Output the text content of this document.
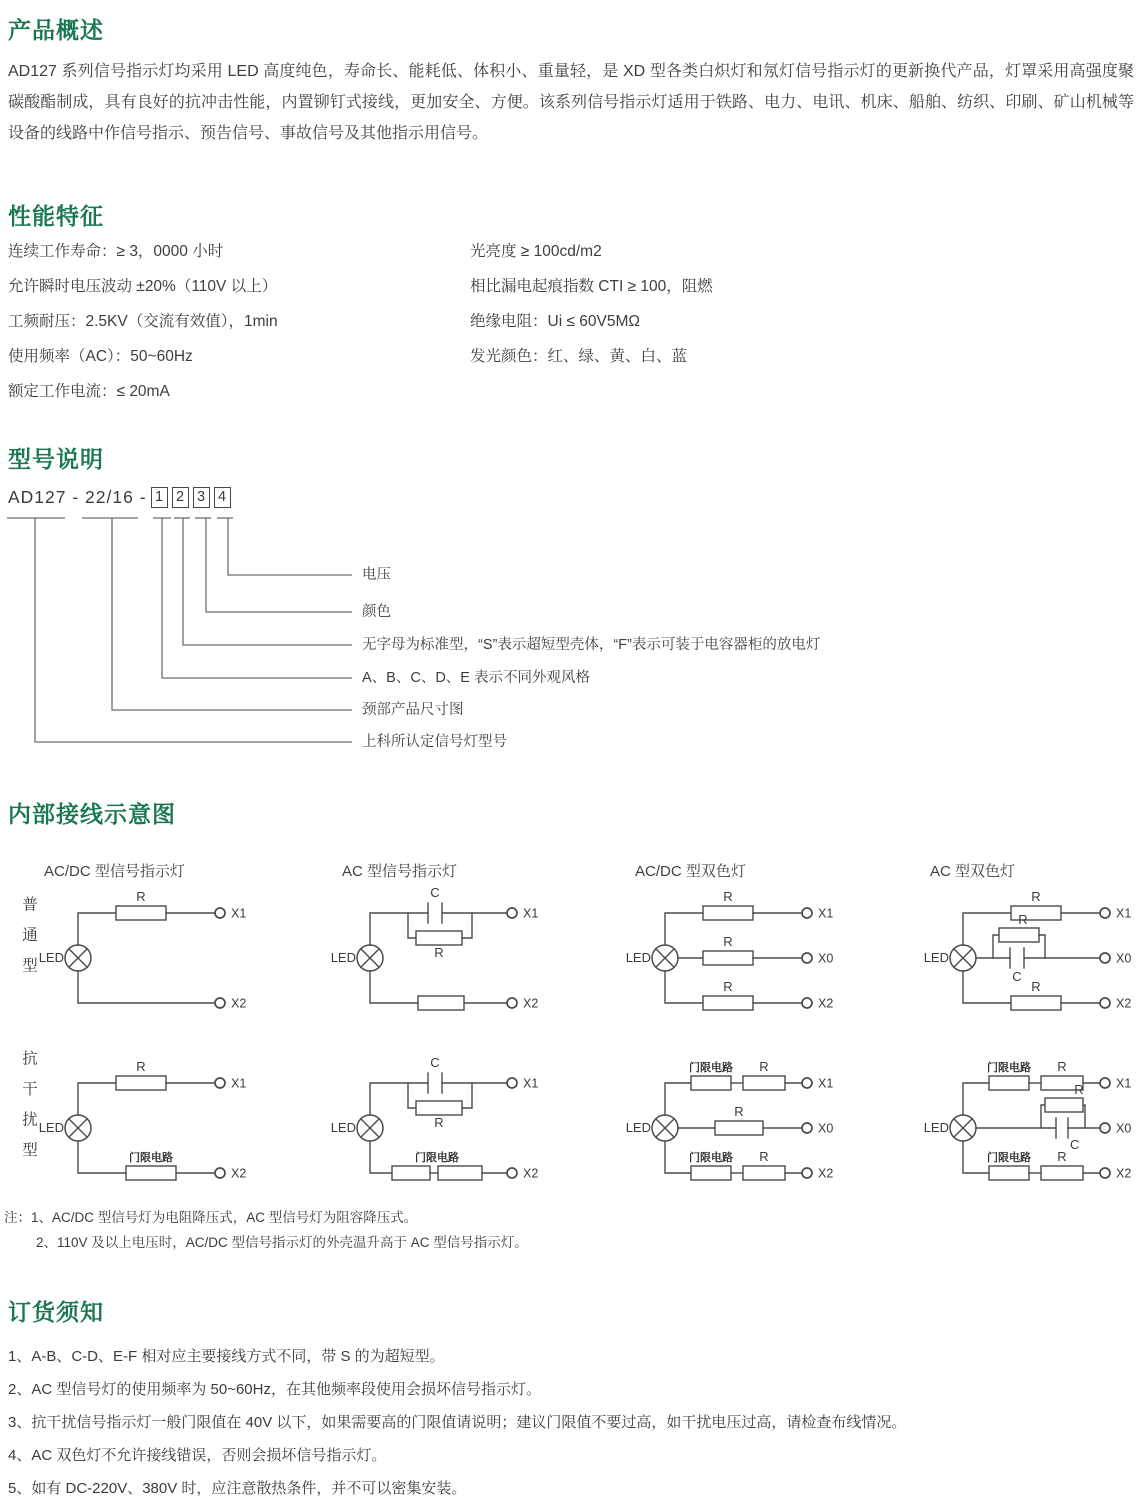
产品概述
AD127 系列信号指示灯均采用 LED 高度纯色，寿命长、能耗低、体积小、重量轻，是 XD 型各类白炽灯和氖灯信号指示灯的更新换代产品，灯罩采用高强度聚碳酸酯制成，具有良好的抗冲击性能，内置铆钉式接线，更加安全、方便。该系列信号指示灯适用于铁路、电力、电讯、机床、船舶、纺织、印刷、矿山机械等设备的线路中作信号指示、预告信号、事故信号及其他指示用信号。
性能特征
连续工作寿命：≥ 3，0000 小时
允许瞬时电压波动 ±20%（110V 以上）
工频耐压：2.5KV（交流有效值），1min
使用频率（AC）：50~60Hz
额定工作电流：≤ 20mA
光亮度 ≥ 100cd/m2
相比漏电起痕指数 CTI ≥ 100，阻燃
绝缘电阻：Ui ≤ 60V5MΩ
发光颜色：红、绿、黄、白、蓝
型号说明
AD127 - 22/16 - 1 2 3 4
电压
颜色
无字母为标准型，“S”表示超短型壳体，“F”表示可装于电容器柜的放电灯
A、B、C、D、E 表示不同外观风格
颈部产品尺寸图
上科所认定信号灯型号
内部接线示意图
AC/DC 型信号指示灯	AC 型信号指示灯	AC/DC 型双色灯	AC 型双色灯
普通型
抗干扰型
LED
R
X1
X2
LED
C
R
X1
X2
LED
R
X1
R
X0
R
X2
LED
R
X1
C
R
X0
R
X2
LED
R
X1
门限电路
X2
LED
C
R
X1
门限电路
X2
LED
门限电路 R
X1
R
X0
门限电路 R
X2
LED
门限电路 R
X1
C
R
X0
门限电路 R
X2
注：1、AC/DC 型信号灯为电阻降压式，AC 型信号灯为阻容降压式。
2、110V 及以上电压时，AC/DC 型信号指示灯的外壳温升高于 AC 型信号指示灯。
订货须知
1、A-B、C-D、E-F 相对应主要接线方式不同，带 S 的为超短型。
2、AC 型信号灯的使用频率为 50~60Hz，在其他频率段使用会损坏信号指示灯。
3、抗干扰信号指示灯一般门限值在 40V 以下，如果需要高的门限值请说明；建议门限值不要过高，如干扰电压过高，请检查布线情况。
4、AC 双色灯不允许接线错误，否则会损坏信号指示灯。
5、如有 DC-220V、380V 时，应注意散热条件，并不可以密集安装。
